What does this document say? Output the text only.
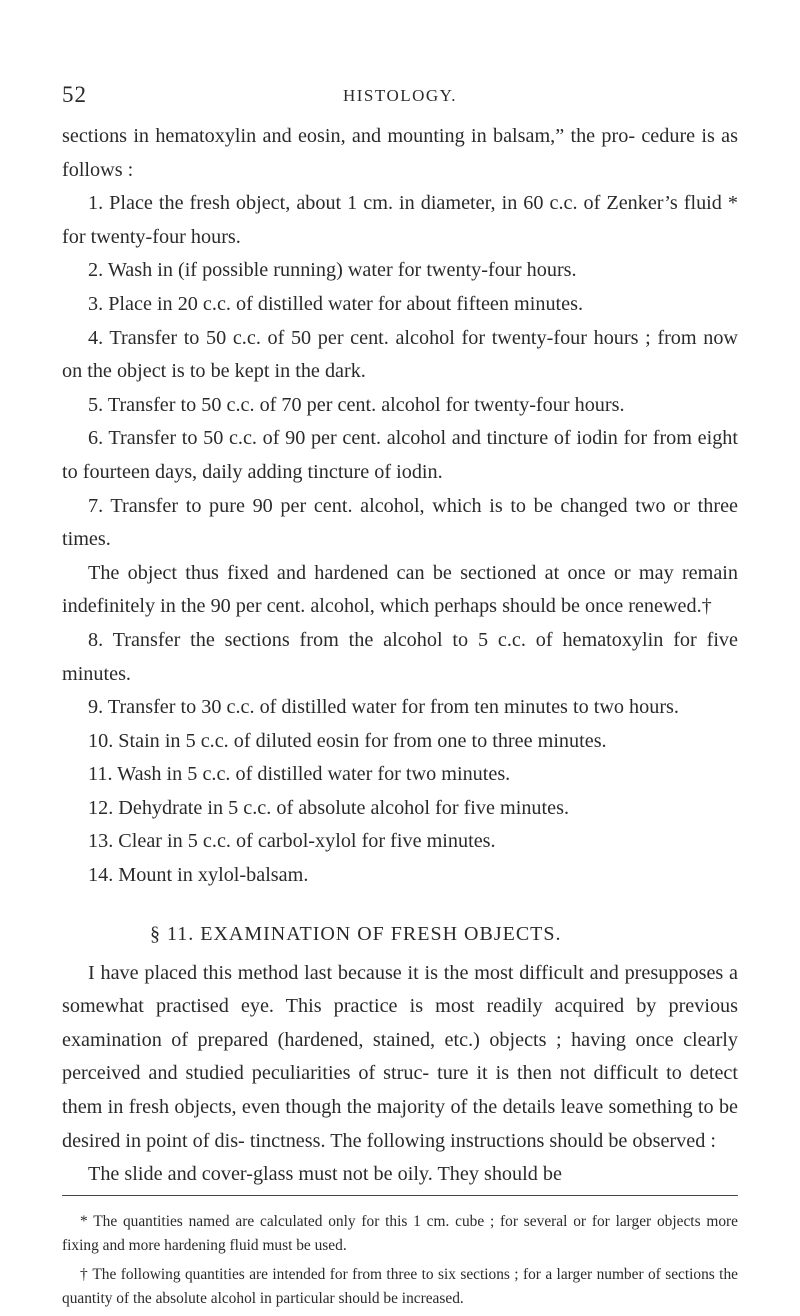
52	HISTOLOGY.

sections in hematoxylin and eosin, and mounting in balsam,” the pro- cedure is as follows :

1. Place the fresh object, about 1 cm. in diameter, in 60 c.c. of Zenker’s fluid * for twenty-four hours.
2. Wash in (if possible running) water for twenty-four hours.
3. Place in 20 c.c. of distilled water for about fifteen minutes.
4. Transfer to 50 c.c. of 50 per cent. alcohol for twenty-four hours ; from now on the object is to be kept in the dark.
5. Transfer to 50 c.c. of 70 per cent. alcohol for twenty-four hours.
6. Transfer to 50 c.c. of 90 per cent. alcohol and tincture of iodin for from eight to fourteen days, daily adding tincture of iodin.
7. Transfer to pure 90 per cent. alcohol, which is to be changed two or three times.

The object thus fixed and hardened can be sectioned at once or may remain indefinitely in the 90 per cent. alcohol, which perhaps should be once renewed.†

8. Transfer the sections from the alcohol to 5 c.c. of hematoxylin for five minutes.
9. Transfer to 30 c.c. of distilled water for from ten minutes to two hours.
10. Stain in 5 c.c. of diluted eosin for from one to three minutes.
11. Wash in 5 c.c. of distilled water for two minutes.
12. Dehydrate in 5 c.c. of absolute alcohol for five minutes.
13. Clear in 5 c.c. of carbol-xylol for five minutes.
14. Mount in xylol-balsam.
§ 11. EXAMINATION OF FRESH OBJECTS.

I have placed this method last because it is the most difficult and presupposes a somewhat practised eye. This practice is most readily acquired by previous examination of prepared (hardened, stained, etc.) objects ; having once clearly perceived and studied peculiarities of struc- ture it is then not difficult to detect them in fresh objects, even though the majority of the details leave something to be desired in point of dis- tinctness. The following instructions should be observed :

The slide and cover-glass must not be oily. They should be

* The quantities named are calculated only for this 1 cm. cube ; for several or for larger objects more fixing and more hardening fluid must be used.

† The following quantities are intended for from three to six sections ; for a larger number of sections the quantity of the absolute alcohol in particular should be increased.
